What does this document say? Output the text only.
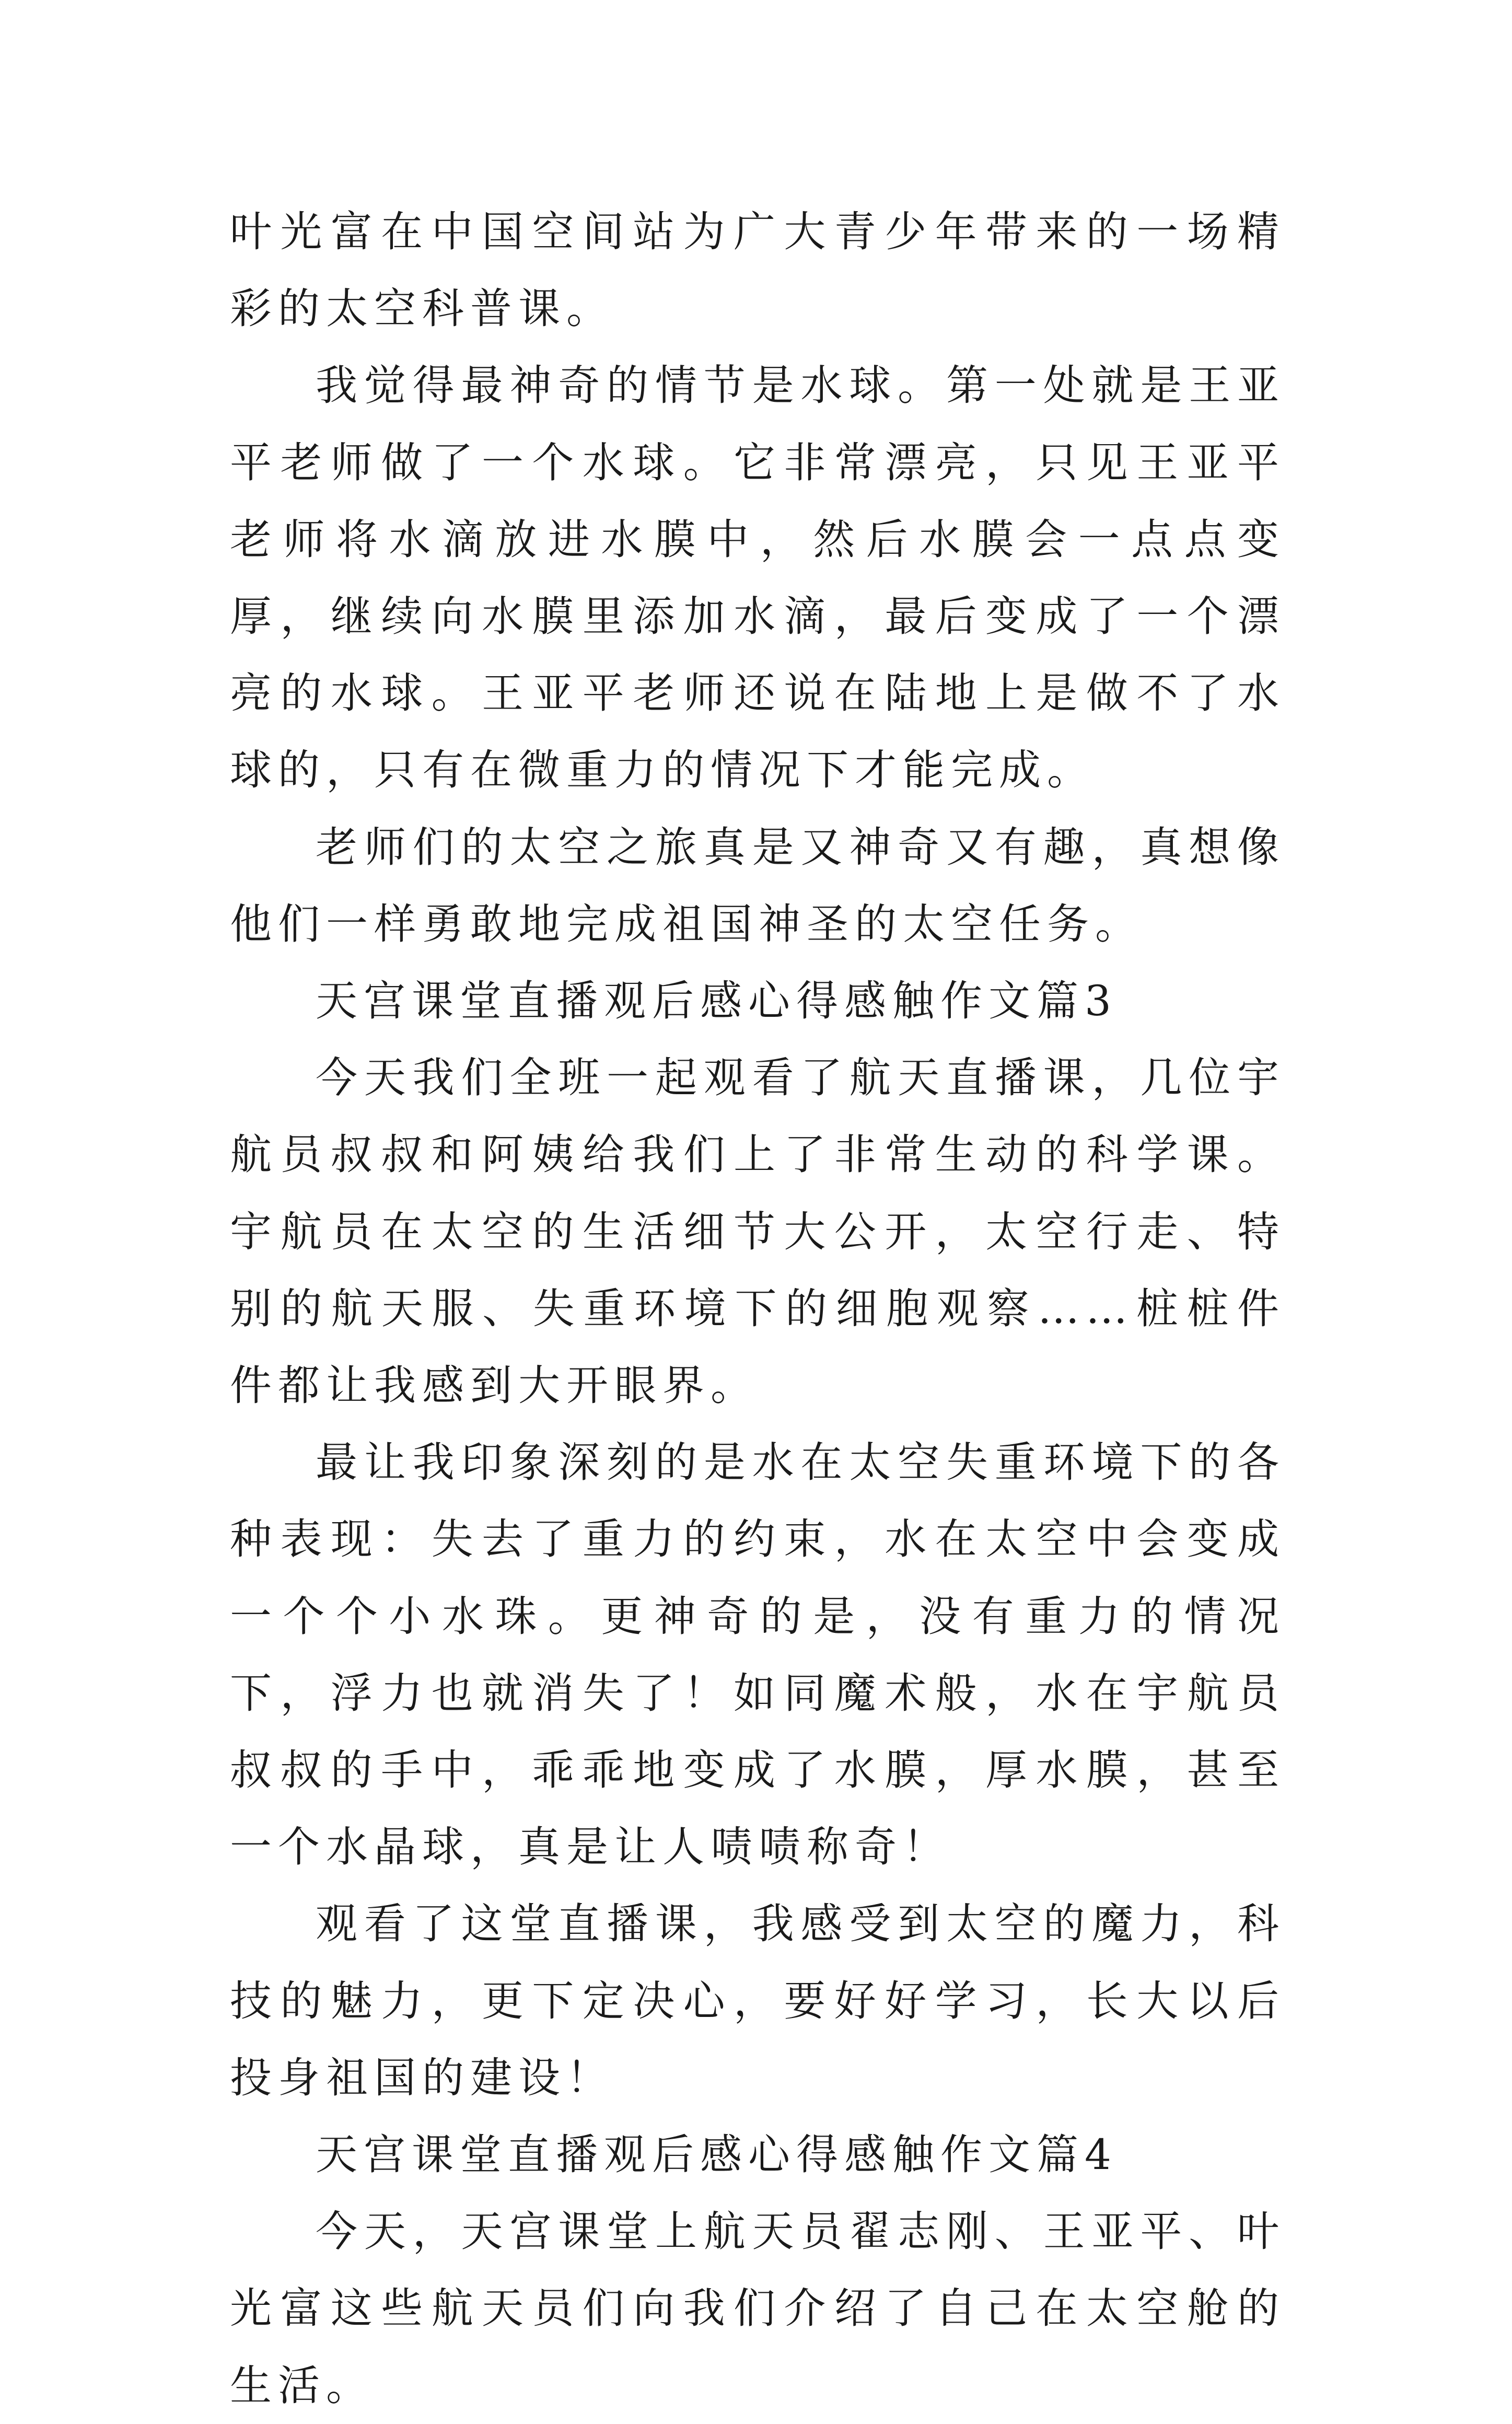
叶光富在中国空间站为广大青少年带来的一场精彩的太空科普课。

我觉得最神奇的情节是水球。第一处就是王亚平老师做了一个水球。它非常漂亮，只见王亚平老师将水滴放进水膜中，然后水膜会一点点变厚，继续向水膜里添加水滴，最后变成了一个漂亮的水球。王亚平老师还说在陆地上是做不了水球的，只有在微重力的情况下才能完成。

老师们的太空之旅真是又神奇又有趣，真想像他们一样勇敢地完成祖国神圣的太空任务。

天宫课堂直播观后感心得感触作文篇3

今天我们全班一起观看了航天直播课，几位宇航员叔叔和阿姨给我们上了非常生动的科学课。宇航员在太空的生活细节大公开，太空行走、特别的航天服、失重环境下的细胞观察……桩桩件件都让我感到大开眼界。

最让我印象深刻的是水在太空失重环境下的各种表现：失去了重力的约束，水在太空中会变成一个个小水珠。更神奇的是，没有重力的情况下，浮力也就消失了！如同魔术般，水在宇航员叔叔的手中，乖乖地变成了水膜，厚水膜，甚至一个水晶球，真是让人啧啧称奇！

观看了这堂直播课，我感受到太空的魔力，科技的魅力，更下定决心，要好好学习，长大以后投身祖国的建设！

天宫课堂直播观后感心得感触作文篇4

今天，天宫课堂上航天员翟志刚、王亚平、叶光富这些航天员们向我们介绍了自己在太空舱的生活。
